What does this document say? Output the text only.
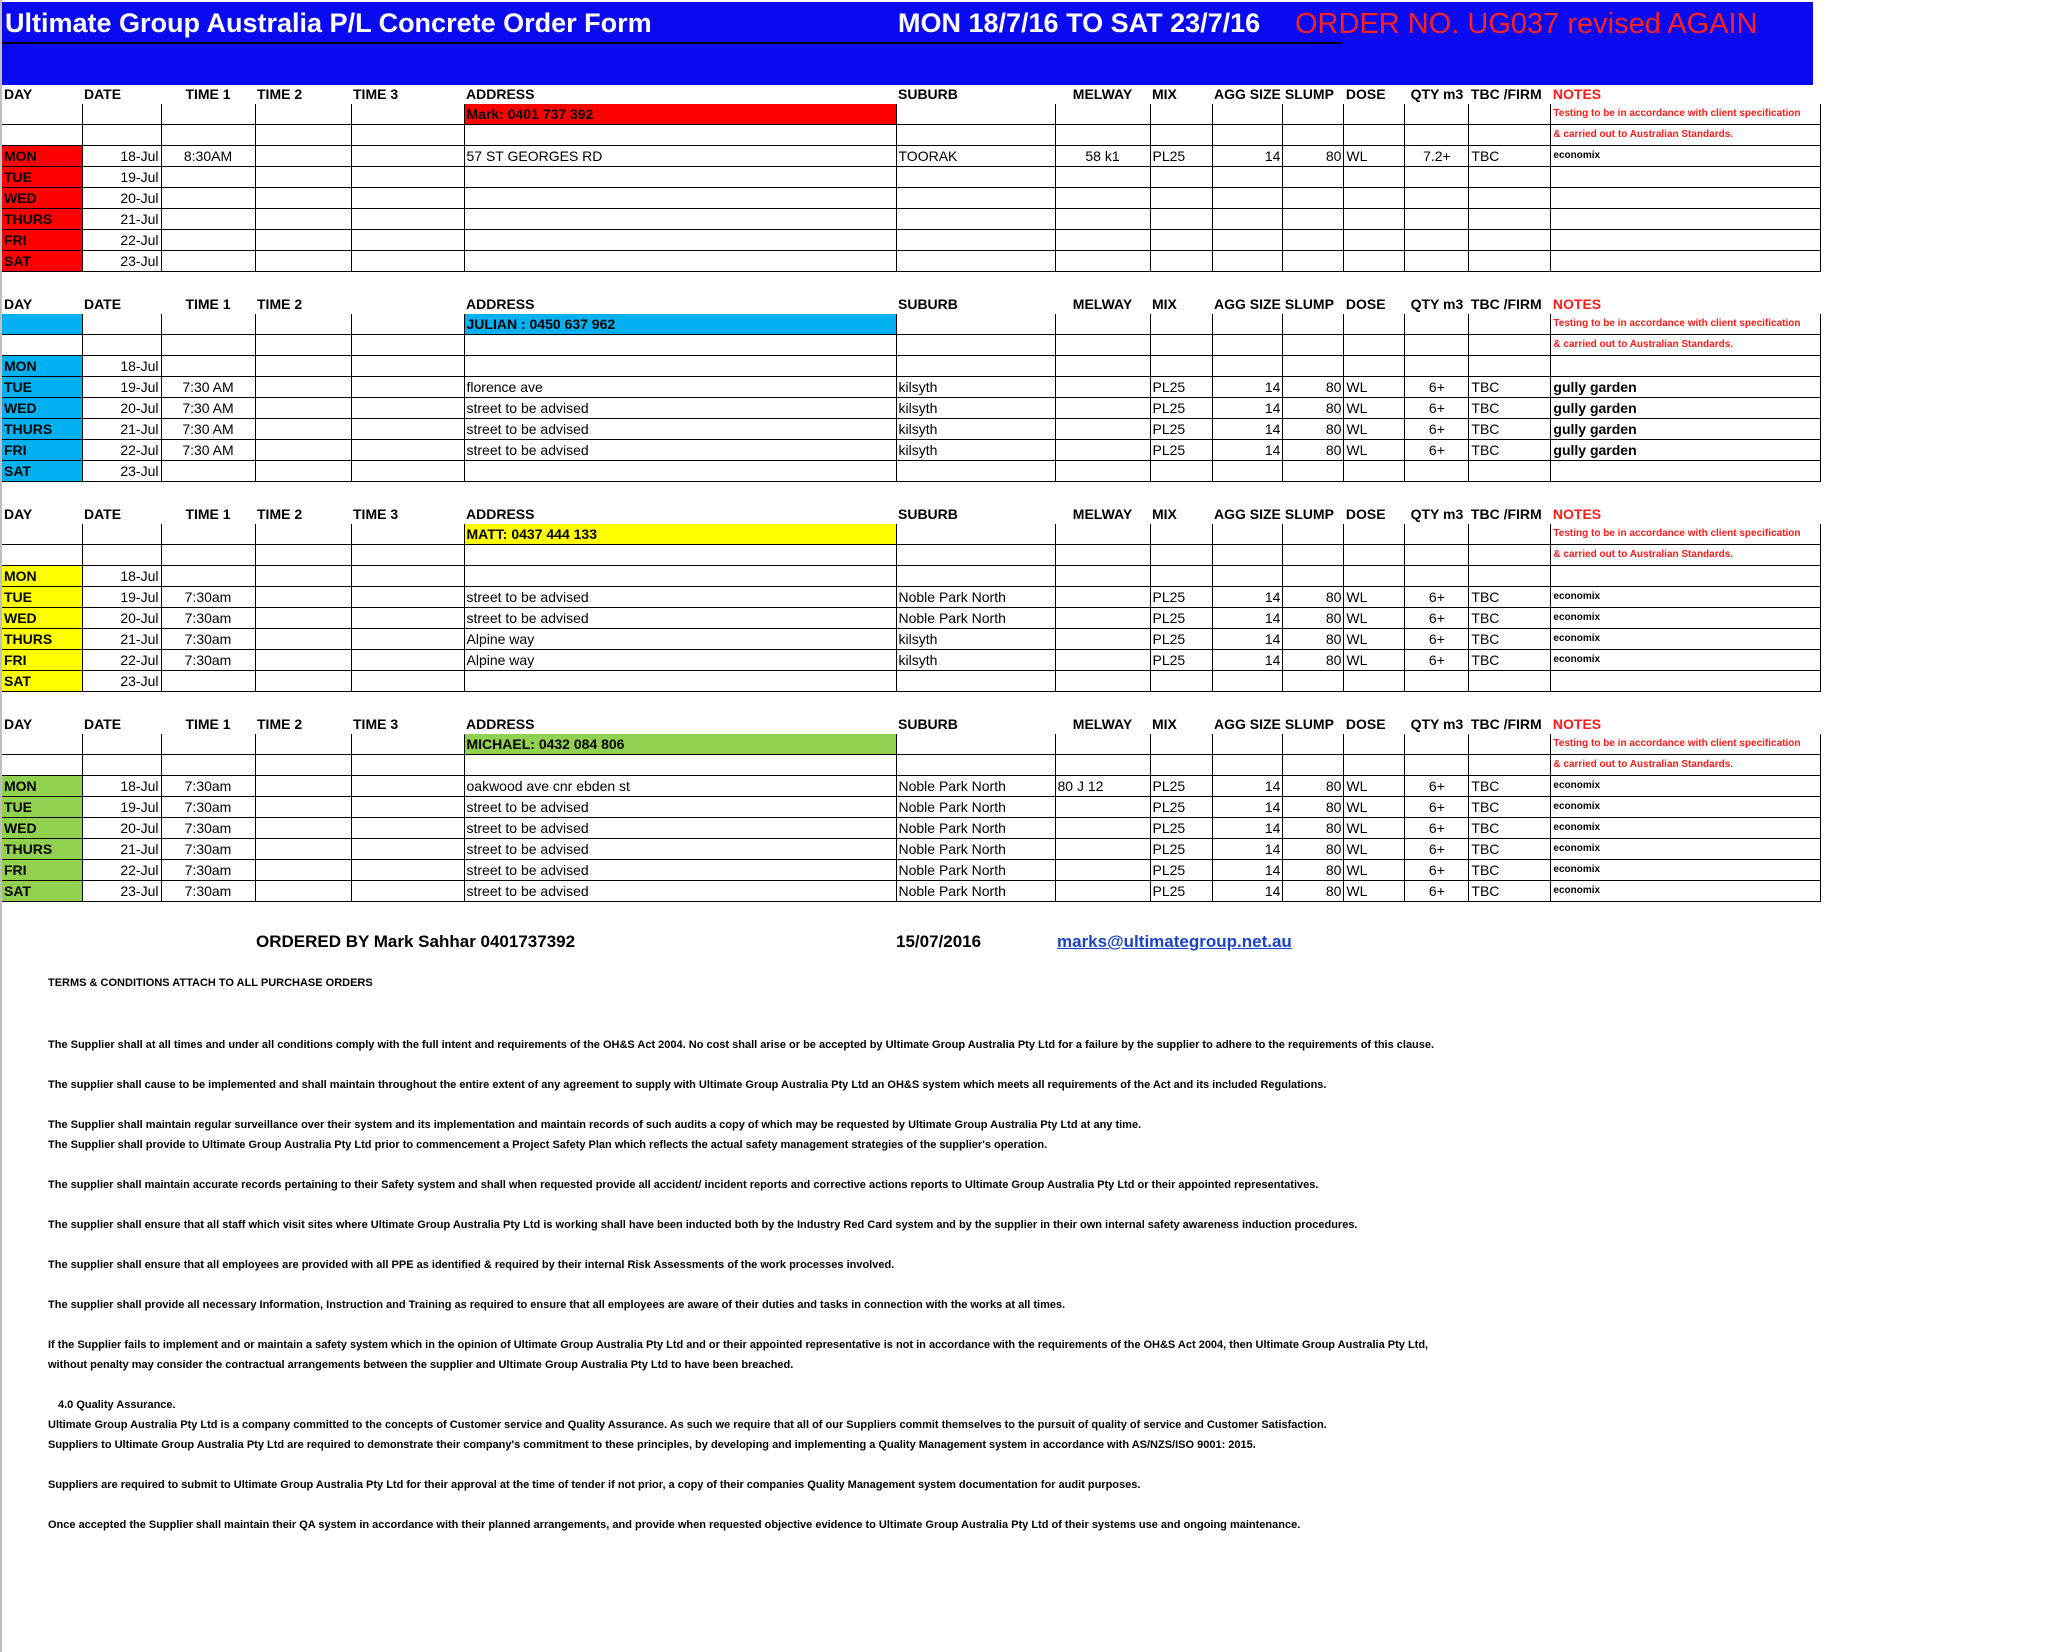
Ultimate Group Australia P/L Concrete Order Form	MON 18/7/16 TO SAT 23/7/16 ORDER NO. UG037 revised AGAIN
DAY	DATE	TIME 1	TIME 2	TIME 3	ADDRESS	SUBURB	MELWAY	MIX	AGG SIZE	SLUMP	DOSE	QTY m3	TBC /FIRM	NOTES
					Mark: 0401 737 392									Testing to be in accordance with client specification
														& carried out to Australian Standards.
MON	18-Jul	8:30AM			57 ST GEORGES RD	TOORAK	58 k1	PL25	14	80	WL	7.2+	TBC	economix
TUE	19-Jul													
WED	20-Jul													
THURS	21-Jul													
FRI	22-Jul													
SAT	23-Jul													
DAY	DATE	TIME 1	TIME 2		ADDRESS	SUBURB	MELWAY	MIX	AGG SIZE	SLUMP	DOSE	QTY m3	TBC /FIRM	NOTES
					JULIAN : 0450 637 962									Testing to be in accordance with client specification
														& carried out to Australian Standards.
MON	18-Jul													
TUE	19-Jul	7:30 AM			florence ave	kilsyth		PL25	14	80	WL	6+	TBC	gully garden
WED	20-Jul	7:30 AM			street to be advised	kilsyth		PL25	14	80	WL	6+	TBC	gully garden
THURS	21-Jul	7:30 AM			street to be advised	kilsyth		PL25	14	80	WL	6+	TBC	gully garden
FRI	22-Jul	7:30 AM			street to be advised	kilsyth		PL25	14	80	WL	6+	TBC	gully garden
SAT	23-Jul													
DAY	DATE	TIME 1	TIME 2	TIME 3	ADDRESS	SUBURB	MELWAY	MIX	AGG SIZE	SLUMP	DOSE	QTY m3	TBC /FIRM	NOTES
					MATT: 0437 444 133									Testing to be in accordance with client specification
														& carried out to Australian Standards.
MON	18-Jul													
TUE	19-Jul	7:30am			street to be advised	Noble Park North		PL25	14	80	WL	6+	TBC	economix
WED	20-Jul	7:30am			street to be advised	Noble Park North		PL25	14	80	WL	6+	TBC	economix
THURS	21-Jul	7:30am			Alpine way	kilsyth		PL25	14	80	WL	6+	TBC	economix
FRI	22-Jul	7:30am			Alpine way	kilsyth		PL25	14	80	WL	6+	TBC	economix
SAT	23-Jul													
DAY	DATE	TIME 1	TIME 2	TIME 3	ADDRESS	SUBURB	MELWAY	MIX	AGG SIZE	SLUMP	DOSE	QTY m3	TBC /FIRM	NOTES
					MICHAEL: 0432 084 806									Testing to be in accordance with client specification
														& carried out to Australian Standards.
MON	18-Jul	7:30am			oakwood ave cnr ebden st	Noble Park North	80 J 12	PL25	14	80	WL	6+	TBC	economix
TUE	19-Jul	7:30am			street to be advised	Noble Park North		PL25	14	80	WL	6+	TBC	economix
WED	20-Jul	7:30am			street to be advised	Noble Park North		PL25	14	80	WL	6+	TBC	economix
THURS	21-Jul	7:30am			street to be advised	Noble Park North		PL25	14	80	WL	6+	TBC	economix
FRI	22-Jul	7:30am			street to be advised	Noble Park North		PL25	14	80	WL	6+	TBC	economix
SAT	23-Jul	7:30am			street to be advised	Noble Park North		PL25	14	80	WL	6+	TBC	economix
ORDERED BY Mark Sahhar 0401737392	15/07/2016	marks@ultimategroup.net.au
TERMS & CONDITIONS ATTACH TO ALL PURCHASE ORDERS
The Supplier shall at all times and under all conditions comply with the full intent and requirements of the OH&S Act 2004. No cost shall arise or be accepted by Ultimate Group Australia Pty Ltd for a failure by the supplier to adhere to the requirements of this clause.
The supplier shall cause to be implemented and shall maintain throughout the entire extent of any agreement to supply with Ultimate Group Australia Pty Ltd an OH&S system which meets all requirements of the Act and its included Regulations.
The Supplier shall maintain regular surveillance over their system and its implementation and maintain records of such audits a copy of which may be requested by Ultimate Group Australia Pty Ltd at any time.
The Supplier shall provide to Ultimate Group Australia Pty Ltd prior to commencement a Project Safety Plan which reflects the actual safety management strategies of the supplier's operation.
The supplier shall maintain accurate records pertaining to their Safety system and shall when requested provide all accident/ incident reports and corrective actions reports to Ultimate Group Australia Pty Ltd or their appointed representatives.
The supplier shall ensure that all staff which visit sites where Ultimate Group Australia Pty Ltd is working shall have been inducted both by the Industry Red Card system and by the supplier in their own internal safety awareness induction procedures.
The supplier shall ensure that all employees are provided with all PPE as identified & required by their internal Risk Assessments of the work processes involved.
The supplier shall provide all necessary Information, Instruction and Training as required to ensure that all employees are aware of their duties and tasks in connection with the works at all times.
If the Supplier fails to implement and or maintain a safety system which in the opinion of Ultimate Group Australia Pty Ltd and or their appointed representative is not in accordance with the requirements of the OH&S Act 2004, then Ultimate Group Australia Pty Ltd,
without penalty may consider the contractual arrangements between the supplier and Ultimate Group Australia Pty Ltd to have been breached.
4.0 Quality Assurance.
Ultimate Group Australia Pty Ltd is a company committed to the concepts of Customer service and Quality Assurance. As such we require that all of our Suppliers commit themselves to the pursuit of quality of service and Customer Satisfaction.
Suppliers to Ultimate Group Australia Pty Ltd are required to demonstrate their company's commitment to these principles, by developing and implementing a Quality Management system in accordance with AS/NZS/ISO 9001: 2015.
Suppliers are required to submit to Ultimate Group Australia Pty Ltd for their approval at the time of tender if not prior, a copy of their companies Quality Management system documentation for audit purposes.
Once accepted the Supplier shall maintain their QA system in accordance with their planned arrangements, and provide when requested objective evidence to Ultimate Group Australia Pty Ltd of their systems use and ongoing maintenance.
